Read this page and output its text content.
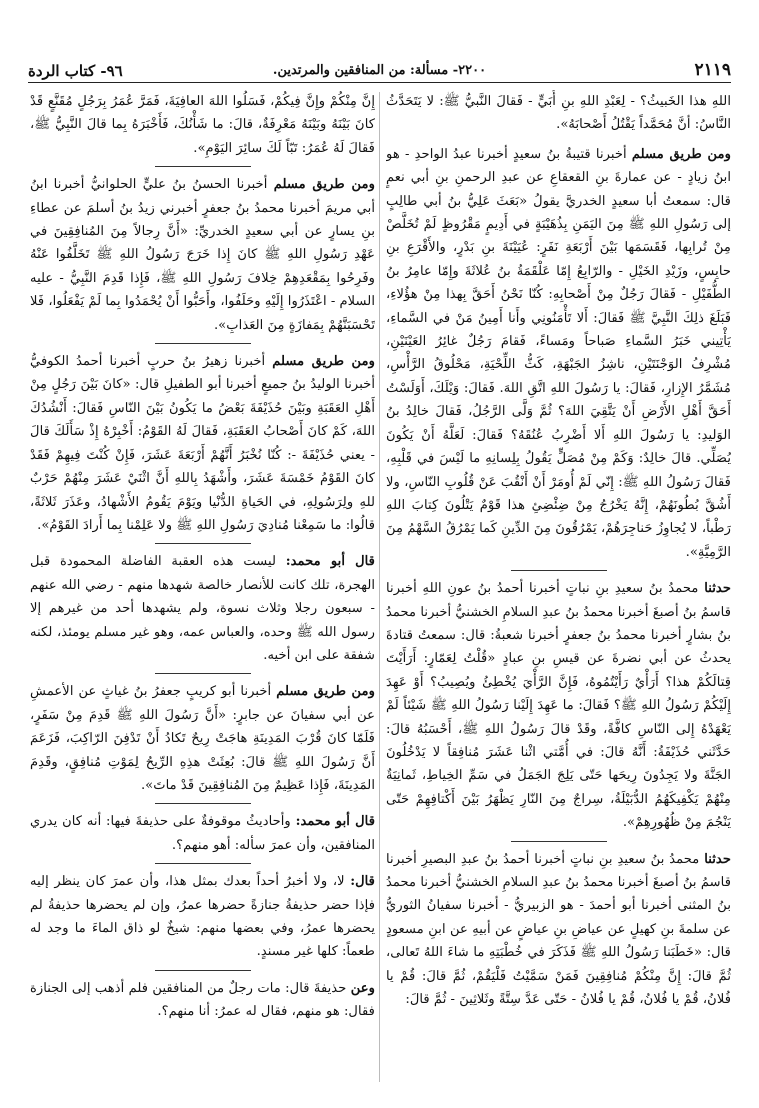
٢١١٩
٢٢٠٠- مسألة: من المنافقين والمرتدين.
٩٦- كتاب الردة

اللهِ هذا الخَبيثُ؟ - لِعَبْدِ اللهِ بنِ أُبَيٍّ - فَقالَ النَّبيُّ ﷺ: لا يَتَحَدَّثُ النَّاسُ: أنَّ مُحَمَّداً يَقْتُلُ أَصْحابَهُ».

ومن طريق مسلم أخبرنا قتيبةُ بنُ سعيدٍ أخبرنا عبدُ الواحدِ - هو ابنُ زيادٍ - عن عمارةَ بنِ القعقاعِ عن عبدِ الرحمنِ بنِ أبي نعمٍ قال: سمعتُ أبا سعيدٍ الخدريَّ يقولُ «بَعَثَ عَلِيُّ بنُ أبي طالِبٍ إلى رَسُولِ اللهِ ﷺ مِنَ اليَمَنِ بِذُهَيْبَةٍ في أَدِيمٍ مَقْرُوظٍ لَمْ تُخَلَّصْ مِنْ تُرابِها، فَقَسَمَها بَيْنَ أَرْبَعَةِ نَفَرٍ: عُيَيْنَةَ بنِ بَدْرٍ، والأَقْرَعِ بنِ حابِسٍ، وزَيْدِ الخَيْلِ - والرّابِعُ إِمّا عَلْقَمَةُ بنُ عُلاثَةَ وإِمّا عامِرُ بنُ الطُّفَيْلِ - فَقالَ رَجُلٌ مِنْ أَصْحابِهِ: كُنّا نَحْنُ أَحَقَّ بِهذا مِنْ هؤُلاءِ، فَبَلَغَ ذلِكَ النَّبِيَّ ﷺ فَقالَ: أَلا تَأْمَنُونِي وأَنا أَمِينُ مَنْ في السَّماءِ، يَأْتِيني خَبَرُ السَّماءِ صَباحاً ومَساءً، فَقامَ رَجُلٌ غائِرُ العَيْنَيْنِ، مُشْرِفُ الوَجْنَتَيْنِ، ناشِزُ الجَبْهَةِ، كَثُّ اللِّحْيَةِ، مَحْلُوقُ الرَّأْسِ، مُشَمَّرُ الإِزارِ، فَقالَ: يا رَسُولَ اللهِ اتَّقِ اللهَ. فَقالَ: وَيْلَكَ، أَوَلَسْتُ أَحَقَّ أَهْلِ الأَرْضِ أَنْ يَتَّقِيَ اللهَ؟ ثُمَّ وَلَّى الرَّجُلُ، فَقالَ خالِدُ بنُ الوَليدِ: يا رَسُولَ اللهِ أَلا أَضْرِبُ عُنُقَهُ؟ فَقالَ: لَعَلَّهُ أَنْ يَكُونَ يُصَلِّي. قالَ خالِدٌ: وَكَمْ مِنْ مُصَلٍّ يَقُولُ بِلِسانِهِ ما لَيْسَ في قَلْبِهِ، فَقالَ رَسُولُ اللهِ ﷺ: إِنّي لَمْ أُومَرْ أَنْ أَنْقُبَ عَنْ قُلُوبِ النّاسِ، ولا أَشُقَّ بُطُونَهُمْ، إِنَّهُ يَخْرُجُ مِنْ ضِئْضِئِ هذا قَوْمٌ يَتْلُونَ كِتابَ اللهِ رَطْباً، لا يُجاوِزُ حَناجِرَهُمْ، يَمْرُقُونَ مِنَ الدِّينِ كَما يَمْرُقُ السَّهْمُ مِنَ الرَّمِيَّةِ».

حدثنا محمدُ بنُ سعيدِ بنِ نباتٍ أخبرنا أحمدُ بنُ عونِ اللهِ أخبرنا قاسمُ بنُ أصبغَ أخبرنا محمدُ بنُ عبدِ السلامِ الخشنيُّ أخبرنا محمدُ بنُ بشارٍ أخبرنا محمدُ بنُ جعفرٍ أخبرنا شعبةُ: قال: سمعتُ قتادةَ يحدثُ عن أبي نضرةَ عن قيسِ بنِ عبادٍ «قُلْتُ لِعَمّارٍ: أَرَأَيْتَ قِتالَكُمْ هذا؟ أَرَأْيٌ رَأَيْتُمُوهُ، فَإِنَّ الرَّأْيَ يُخْطِئُ ويُصِيبُ؟ أَوْ عَهِدَ إِلَيْكُمْ رَسُولُ اللهِ ﷺ؟ فَقالَ: ما عَهِدَ إِلَيْنا رَسُولُ اللهِ ﷺ شَيْئاً لَمْ يَعْهَدْهُ إِلى النّاسِ كافَّةً، وقَدْ قالَ رَسُولُ اللهِ ﷺ، أَحْسَبُهُ قالَ: حَدَّثَني حُذَيْفَةُ: أَنَّهُ قالَ: في أُمَّتي اثْنا عَشَرَ مُنافِقاً لا يَدْخُلُونَ الجَنَّةَ ولا يَجِدُونَ رِيحَها حَتّى يَلِجَ الجَمَلُ في سَمِّ الخِياطِ، ثَمانِيَةٌ مِنْهُمْ يَكْفِيكَهُمُ الدُّبَيْلَةُ، سِراجٌ مِنَ النّارِ يَظْهَرُ بَيْنَ أَكْتافِهِمْ حَتّى يَنْجُمَ مِنْ ظُهُورِهِمْ».

حدثنا محمدُ بنُ سعيدِ بنِ نباتٍ أخبرنا أحمدُ بنُ عبدِ البصيرِ أخبرنا قاسمُ بنُ أصبغَ أخبرنا محمدُ بنُ عبدِ السلامِ الخشنيُّ أخبرنا محمدُ بنُ المثنى أخبرنا أبو أحمدَ - هو الزبيريُّ - أخبرنا سفيانُ الثوريُّ عن سلمةَ بنِ كهيلٍ عن عياضِ بنِ عياضٍ عن أبيهِ عن ابنِ مسعودٍ قال: «خَطَبَنا رَسُولُ اللهِ ﷺ فَذَكَرَ في خُطْبَتِهِ ما شاءَ اللهُ تَعالى، ثُمَّ قالَ: إِنَّ مِنْكُمْ مُنافِقِينَ فَمَنْ سَمَّيْتُ فَلْيَقُمْ، ثُمَّ قالَ: قُمْ يا فُلانُ، قُمْ يا فُلانُ، قُمْ يا فُلانُ - حَتّى عَدَّ سِتَّةً وثَلاثِينَ - ثُمَّ قالَ:

إِنَّ مِنْكُمْ وإِنَّ فِيكُمْ، فَسَلُوا اللهَ العافِيَةَ، فَمَرَّ عُمَرُ بِرَجُلٍ مُقَنَّعٍ قَدْ كانَ بَيْنَهُ وبَيْنَهُ مَعْرِفَةٌ، قالَ: ما شَأْنُكَ، فَأَخْبَرَهُ بِما قالَ النَّبِيُّ ﷺ، فَقالَ لَهُ عُمَرُ: تَبّاً لَكَ سائِرَ اليَوْمِ».

ومن طريق مسلم أخبرنا الحسنُ بنُ عليٍّ الحلوانيُّ أخبرنا ابنُ أبي مريمَ أخبرنا محمدُ بنُ جعفرٍ أخبرني زيدُ بنُ أسلمَ عن عطاءِ بنِ يسارٍ عن أبي سعيدٍ الخدريِّ: «أَنَّ رِجالاً مِنَ المُنافِقِينَ في عَهْدِ رَسُولِ اللهِ ﷺ كانَ إِذا خَرَجَ رَسُولُ اللهِ ﷺ تَخَلَّفُوا عَنْهُ وفَرِحُوا بِمَقْعَدِهِمْ خِلافَ رَسُولِ اللهِ ﷺ، فَإِذا قَدِمَ النَّبِيُّ - عليه السلام - اعْتَذَرُوا إِلَيْهِ وحَلَفُوا، وأَحَبُّوا أَنْ يُحْمَدُوا بِما لَمْ يَفْعَلُوا، فَلا تَحْسَبَنَّهُمْ بِمَفازَةٍ مِنَ العَذابِ».

ومن طريق مسلم أخبرنا زهيرُ بنُ حربٍ أخبرنا أحمدُ الكوفيُّ أخبرنا الوليدُ بنُ جميعٍ أخبرنا أبو الطفيلِ قال: «كانَ بَيْنَ رَجُلٍ مِنْ أَهْلِ العَقَبَةِ وبَيْنَ حُذَيْفَةَ بَعْضُ ما يَكُونُ بَيْنَ النّاسِ فَقالَ: أَنْشُدُكَ اللهَ، كَمْ كانَ أَصْحابُ العَقَبَةِ، فَقالَ لَهُ القَوْمُ: أَخْبِرْهُ إِذْ سَأَلَكَ قالَ - يعني حُذَيْفَةَ -: كُنّا نُخْبَرُ أَنَّهُمْ أَرْبَعَةَ عَشَرَ، فَإِنْ كُنْتَ فِيهِمْ فَقَدْ كانَ القَوْمُ خَمْسَةَ عَشَرَ، وأَشْهَدُ بِاللهِ أَنَّ اثْنَيْ عَشَرَ مِنْهُمْ حَرْبٌ للهِ ولِرَسُولِهِ، في الحَياةِ الدُّنْيا ويَوْمَ يَقُومُ الأَشْهادُ، وعَذَرَ ثَلاثَةً، قالُوا: ما سَمِعْنا مُنادِيَ رَسُولِ اللهِ ﷺ ولا عَلِمْنا بِما أَرادَ القَوْمُ».

قال أبو محمد: ليست هذه العقبة الفاضلة المحمودة قبل الهجرة، تلك كانت للأنصار خالصة شهدها منهم - رضي الله عنهم - سبعون رجلا وثلاث نسوة، ولم يشهدها أحد من غيرهم إلا رسول الله ﷺ وحده، والعباس عمه، وهو غير مسلم يومئذ، لكنه شفقة على ابن أخيه.

ومن طريق مسلم أخبرنا أبو كريبٍ جعفرُ بنُ غياثٍ عن الأعمشِ عن أبي سفيانَ عن جابرٍ: «أَنَّ رَسُولَ اللهِ ﷺ قَدِمَ مِنْ سَفَرٍ، فَلَمّا كانَ قُرْبَ المَدِينَةِ هاجَتْ رِيحٌ تَكادُ أَنْ تَدْفِنَ الرّاكِبَ، فَزَعَمَ أَنَّ رَسُولَ اللهِ ﷺ قالَ: بُعِثَتْ هذِهِ الرِّيحُ لِمَوْتِ مُنافِقٍ، وقَدِمَ المَدِينَةَ، فَإِذا عَظِيمٌ مِنَ المُنافِقِينَ قَدْ ماتَ».

قال أبو محمد: وأحاديثُ موقوفةٌ على حذيفةَ فيها: أنه كان يدري المنافقين، وأن عمرَ سأله: أهو منهم؟.

قال: لا، ولا أخبرُ أحداً بعدك بمثل هذا، وأن عمرَ كان ينظر إليه فإذا حضر حذيفةُ جنازةً حضرها عمرُ، وإن لم يحضرها حذيفةُ لم يحضرها عمرُ، وفي بعضها منهم: شيخٌ لو ذاق الماءَ ما وجد له طعماً: كلها غير مسندٍ.

وعن حذيفةَ قال: مات رجلٌ من المنافقين فلم أذهب إلى الجنازة فقال: هو منهم، فقال له عمرُ: أنا منهم؟.
